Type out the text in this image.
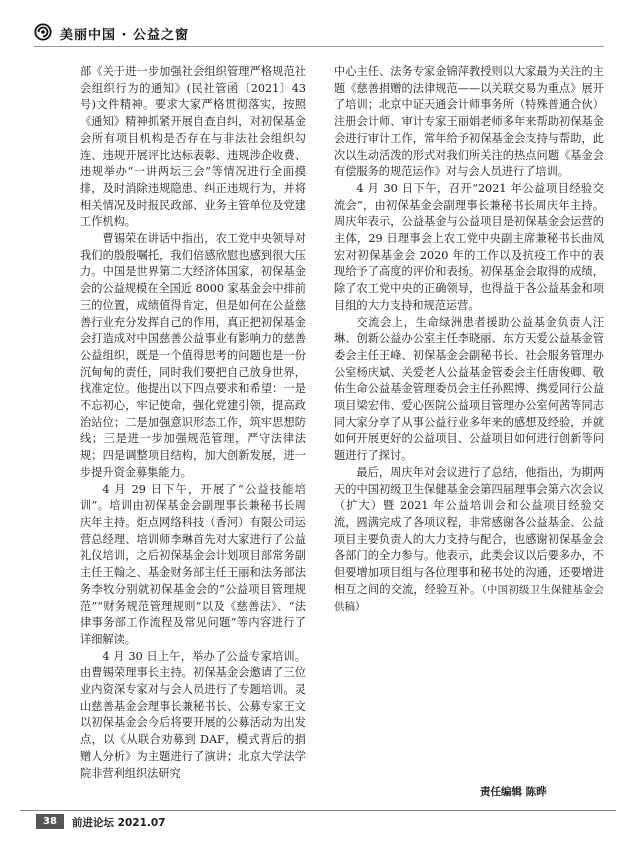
美丽中国 · 公益之窗

部《关于进一步加强社会组织管理严格规范社会组织行为的通知》(民社管函〔2021〕43号)文件精神。要求大家严格贯彻落实，按照《通知》精神抓紧开展自查自纠，对初保基金会所有项目机构是否存在与非法社会组织勾连、违规开展评比达标表彰、违规涉企收费、违规举办“一讲两坛三会”等情况进行全面摸排，及时消除违规隐患、纠正违规行为，并将相关情况及时报民政部、业务主管单位及党建工作机构。

曹锡荣在讲话中指出，农工党中央领导对我们的殷殷嘱托，我们倍感欣慰也感到很大压力。中国是世界第二大经济体国家，初保基金会的公益规模在全国近 8000 家基金会中排前三的位置，成绩值得肯定，但是如何在公益慈善行业充分发挥自己的作用，真正把初保基金会打造成对中国慈善公益事业有影响力的慈善公益组织，既是一个值得思考的问题也是一份沉甸甸的责任，同时我们要把自己放身世界，找准定位。他提出以下四点要求和希望：一是不忘初心，牢记使命，强化党建引领，提高政治站位；二是加强意识形态工作，筑牢思想防线；三是进一步加强规范管理，严守法律法规；四是调整项目结构，加大创新发展，进一步提升资金募集能力。

4 月 29 日下午，开展了“公益技能培训”。培训由初保基金会副理事长兼秘书长周庆年主持。炬点网络科技（香河）有限公司运营总经理、培训师李琳首先对大家进行了公益礼仪培训，之后初保基金会计划项目部常务副主任王翰之、基金财务部主任王丽和法务部法务李牧分别就初保基金会的“公益项目管理规范”“财务规范管理规则”以及《慈善法》、“法律事务部工作流程及常见问题”等内容进行了详细解读。

4 月 30 日上午，举办了公益专家培训。由曹锡荣理事长主持。初保基金会邀请了三位业内资深专家对与会人员进行了专题培训。灵山慈善基金会理事长兼秘书长、公募专家王文以初保基金会今后将要开展的公募活动为出发点，以《从联合劝募到 DAF，模式背后的捐赠人分析》为主题进行了演讲；北京大学法学院非营利组织法研究

中心主任、法务专家金锦萍教授则以大家最为关注的主题《慈善捐赠的法律规范——以关联交易为重点》展开了培训；北京中证天通会计师事务所（特殊普通合伙）注册会计师、审计专家王丽娟老师多年来帮助初保基金会进行审计工作，常年给予初保基金会支持与帮助，此次以生动活泼的形式对我们所关注的热点问题《基金会有偿服务的规范运作》对与会人员进行了培训。

4 月 30 日下午，召开“2021 年公益项目经验交流会”，由初保基金会副理事长兼秘书长周庆年主持。周庆年表示，公益基金与公益项目是初保基金会运营的主体，29 日理事会上农工党中央副主席兼秘书长曲凤宏对初保基金会 2020 年的工作以及抗疫工作中的表现给予了高度的评价和表扬。初保基金会取得的成绩，除了农工党中央的正确领导，也得益于各公益基金和项目组的大力支持和规范运营。

交流会上，生命绿洲患者援助公益基金负责人汪琳、创新公益办公室主任李晓丽、东方天爱公益基金管委会主任王峰、初保基金会副秘书长、社会服务管理办公室杨庆斌、关爱老人公益基金管委会主任唐俊卿、敬佑生命公益基金管理委员会主任孙熙博、携爱同行公益项目梁宏伟、爱心医院公益项目管理办公室何茜等同志同大家分享了从事公益行业多年来的感想及经验，并就如何开展更好的公益项目、公益项目如何进行创新等问题进行了探讨。

最后，周庆年对会议进行了总结，他指出，为期两天的中国初级卫生保健基金会第四届理事会第六次会议（扩大）暨 2021 年公益培训会和公益项目经验交流，圆满完成了各项议程，非常感谢各公益基金、公益项目主要负责人的大力支持与配合，也感谢初保基金会各部门的全力参与。他表示，此类会议以后要多办，不但要增加项目组与各位理事和秘书处的沟通，还要增进相互之间的交流，经验互补。（中国初级卫生保健基金会供稿）

责任编辑 陈晔
38	前进论坛 2021.07
